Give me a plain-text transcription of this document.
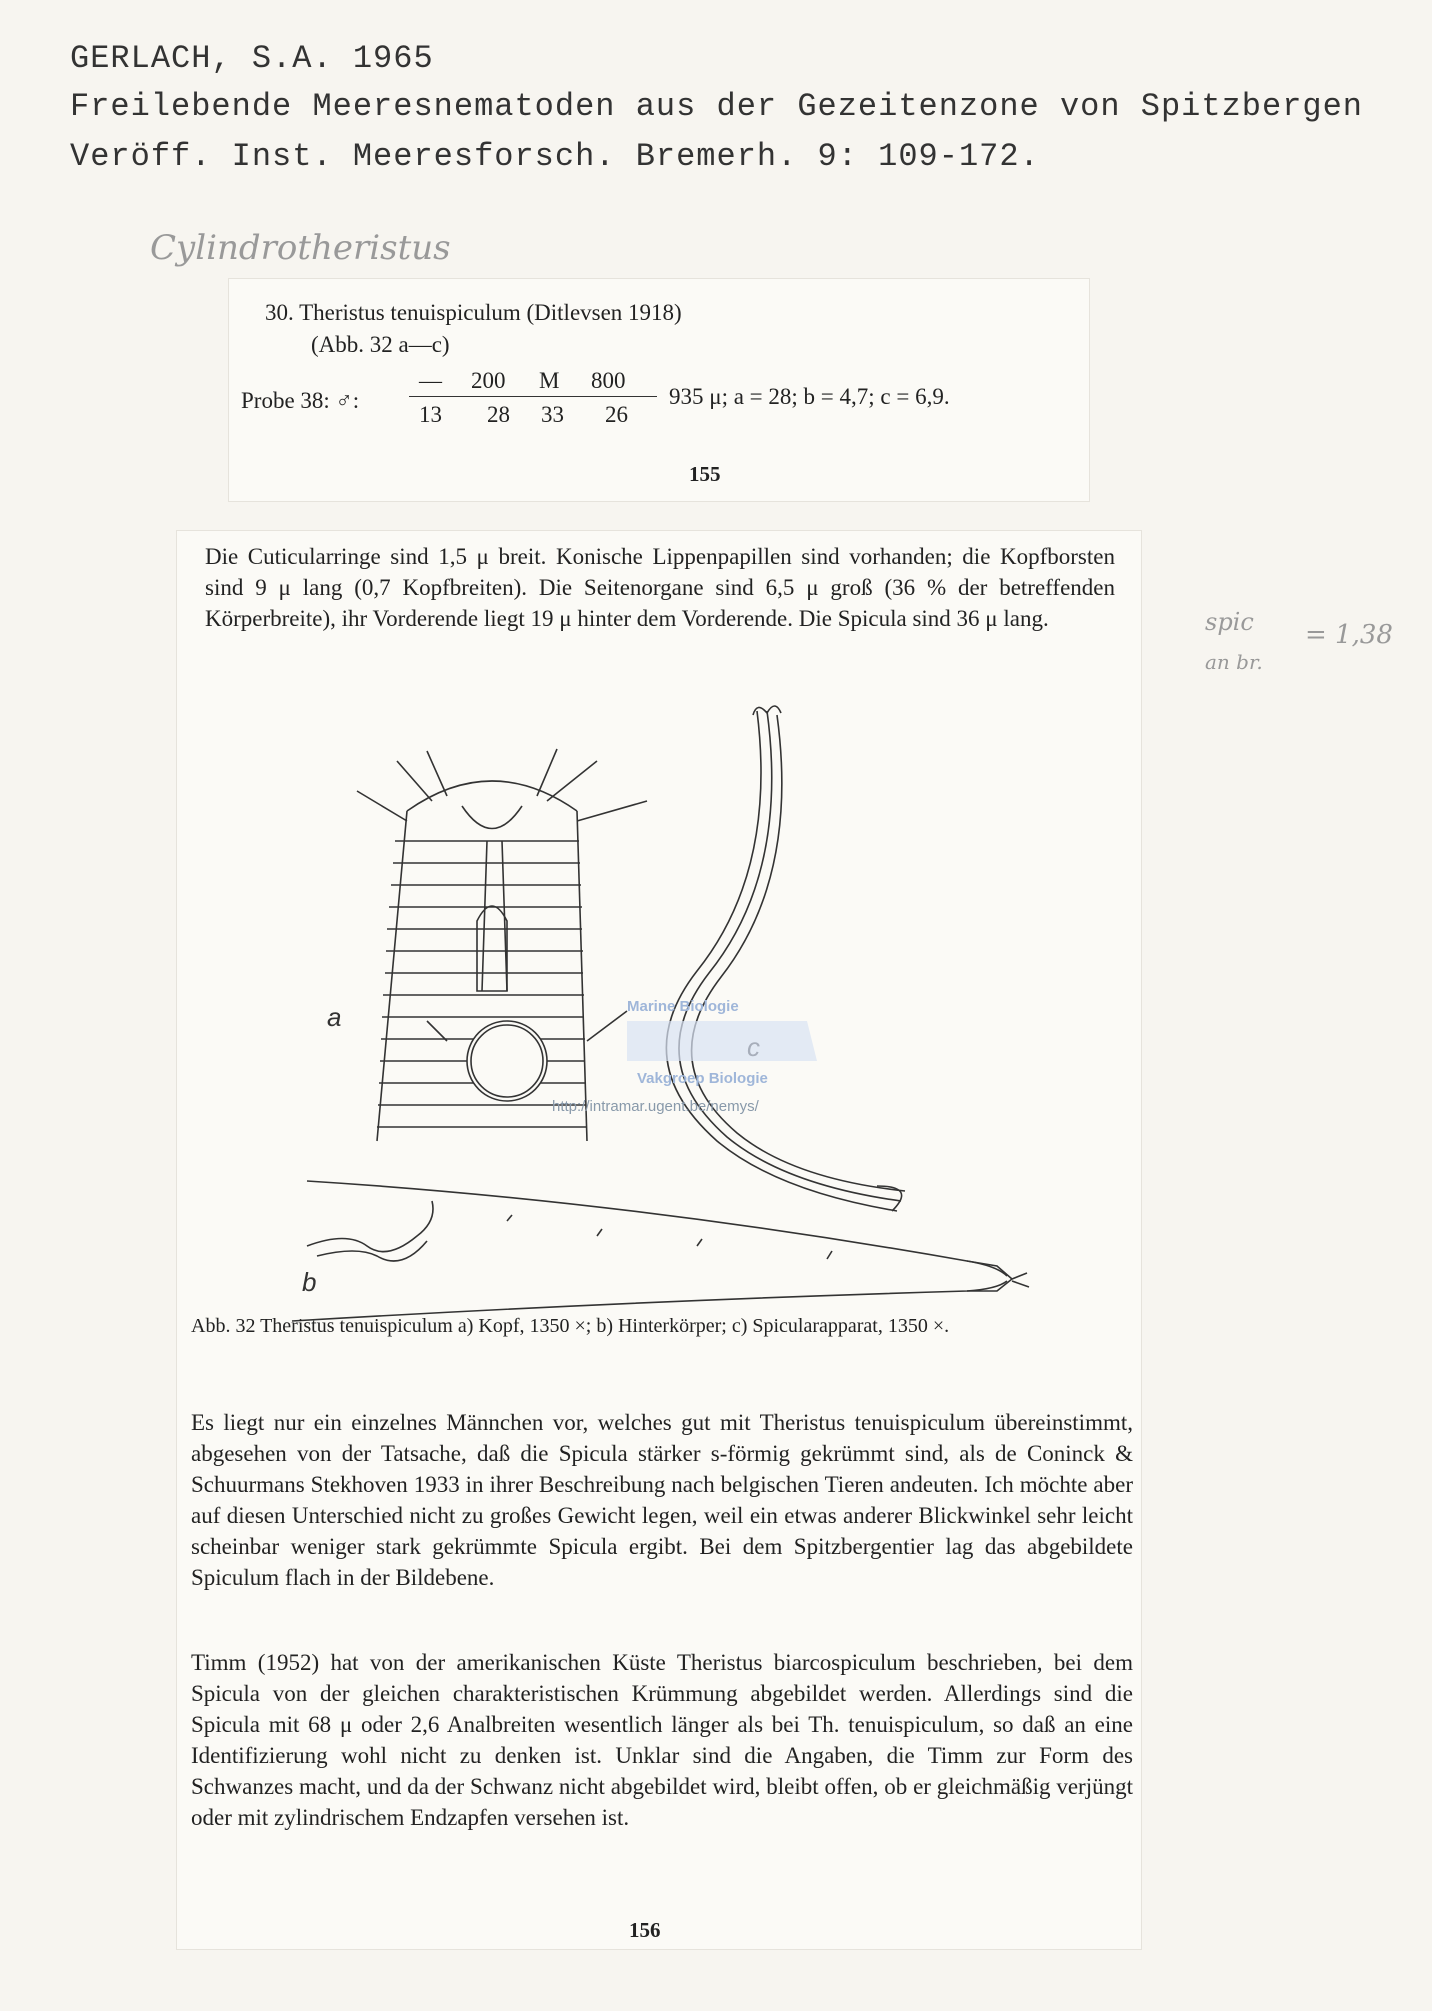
GERLACH, S.A. 1965
Freilebende Meeresnematoden aus der Gezeitenzone von Spitzbergen
Veröff. Inst. Meeresforsch. Bremerh. 9: 109-172.
Cylindrotheristus
spic
an br.
= 1,38
30. Theristus tenuispiculum (Ditlevsen 1918)
(Abb. 32 a—c)
Probe 38: ♂:
— 200 M 800
13 28 33 26
935 μ; a = 28; b = 4,7; c = 6,9.
155
Die Cuticularringe sind 1,5 μ breit. Konische Lippenpapillen sind vorhanden; die Kopfborsten sind 9 μ lang (0,7 Kopfbreiten). Die Seitenorgane sind 6,5 μ groß (36 % der betreffenden Körperbreite), ihr Vorderende liegt 19 μ hinter dem Vorderende. Die Spicula sind 36 μ lang.
a	Marine Biologie
Vakgroep Biologie
http://intramar.ugent.be/nemys/
b
Abb. 32 Theristus tenuispiculum a) Kopf, 1350 ×; b) Hinterkörper; c) Spicularapparat, 1350 ×.
Es liegt nur ein einzelnes Männchen vor, welches gut mit Theristus tenuispiculum übereinstimmt, abgesehen von der Tatsache, daß die Spicula stärker s-förmig gekrümmt sind, als de Coninck & Schuurmans Stekhoven 1933 in ihrer Beschreibung nach belgischen Tieren andeuten. Ich möchte aber auf diesen Unterschied nicht zu großes Gewicht legen, weil ein etwas anderer Blickwinkel sehr leicht scheinbar weniger stark gekrümmte Spicula ergibt. Bei dem Spitzbergentier lag das abgebildete Spiculum flach in der Bildebene.
Timm (1952) hat von der amerikanischen Küste Theristus biarcospiculum beschrieben, bei dem Spicula von der gleichen charakteristischen Krümmung abgebildet werden. Allerdings sind die Spicula mit 68 μ oder 2,6 Analbreiten wesentlich länger als bei Th. tenuispiculum, so daß an eine Identifizierung wohl nicht zu denken ist. Unklar sind die Angaben, die Timm zur Form des Schwanzes macht, und da der Schwanz nicht abgebildet wird, bleibt offen, ob er gleichmäßig verjüngt oder mit zylindrischem Endzapfen versehen ist.
156
